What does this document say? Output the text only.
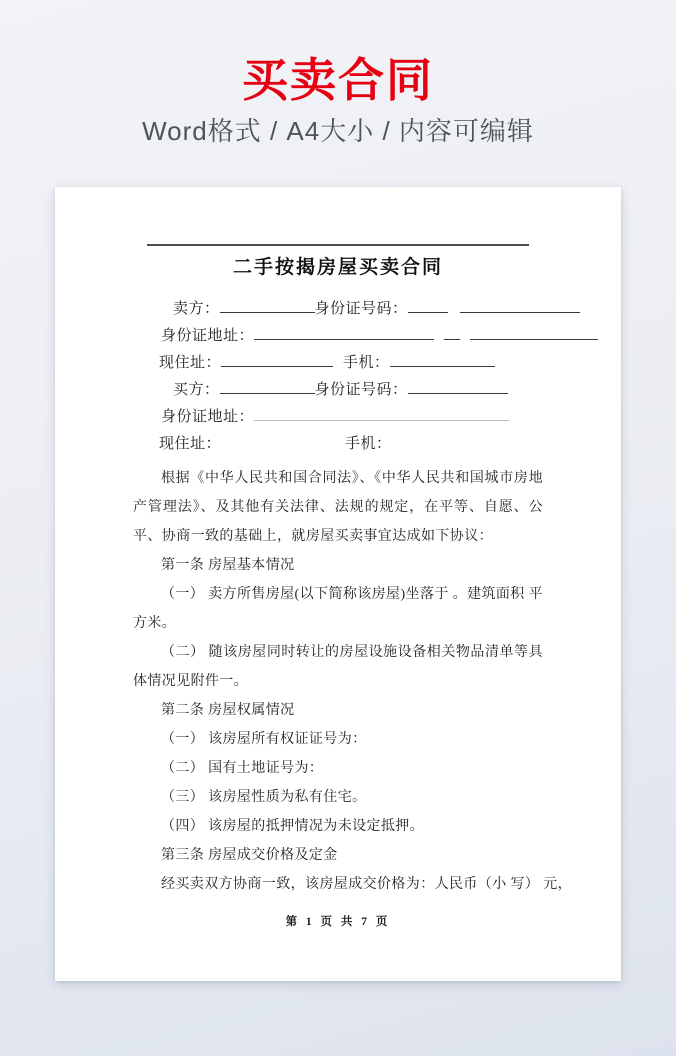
买卖合同

Word格式 / A4大小 / 内容可编辑

二手按揭房屋买卖合同
卖方：	身份证号码：
身份证地址：
现住址：	手机：
买方：	身份证号码：
身份证地址：
现住址：	手机：

根据《中华人民共和国合同法》、《中华人民共和国城市房地产管理法》、及其他有关法律、法规的规定，在平等、自愿、公平、协商一致的基础上，就房屋买卖事宜达成如下协议：

第一条 房屋基本情况

（一） 卖方所售房屋(以下简称该房屋)坐落于 。建筑面积 平方米。

（二） 随该房屋同时转让的房屋设施设备相关物品清单等具体情况见附件一。

第二条 房屋权属情况

（一） 该房屋所有权证证号为：

（二） 国有土地证号为：

（三） 该房屋性质为私有住宅。

（四） 该房屋的抵押情况为未设定抵押。

第三条 房屋成交价格及定金

经买卖双方协商一致，该房屋成交价格为：人民币（小 写） 元，

第 1 页 共 7 页
